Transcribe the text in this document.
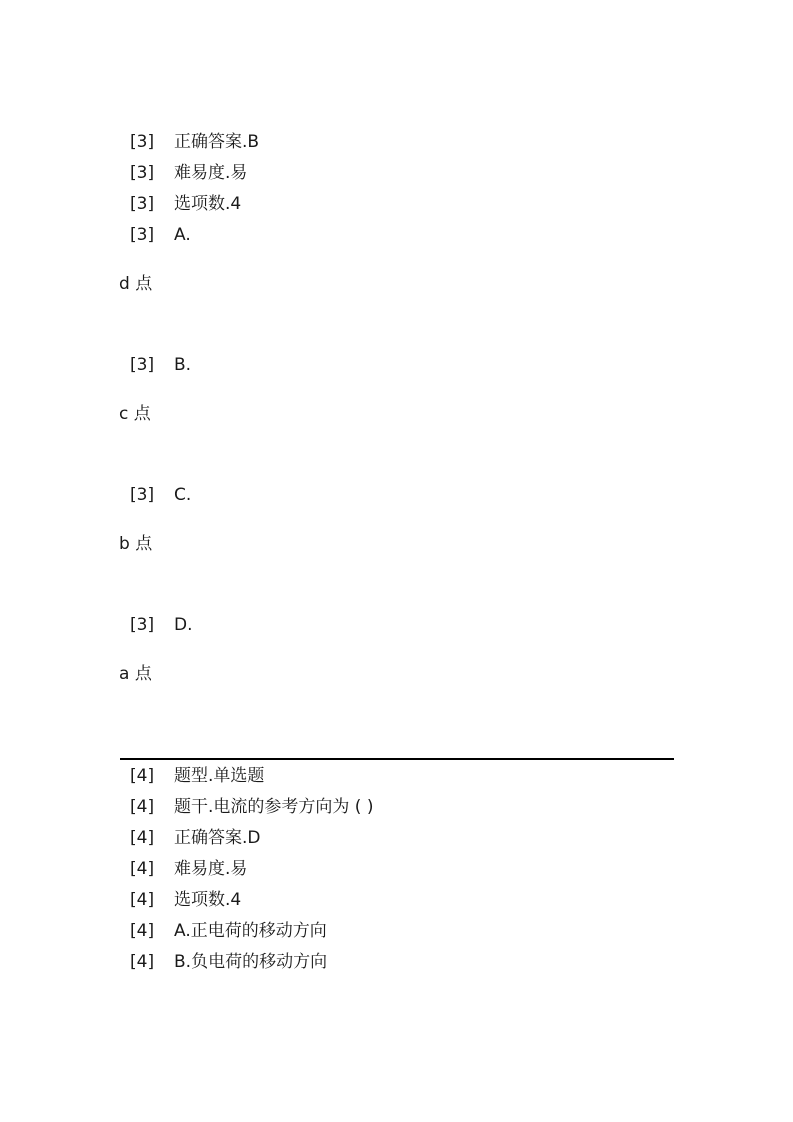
[3] 正确答案.B
[3] 难易度.易
[3] 选项数.4
[3] A.
d 点
[3] B.
c 点
[3] C.
b 点
[3] D.
a 点
[4] 题型.单选题
[4] 题干.电流的参考方向为 ( )
[4] 正确答案.D
[4] 难易度.易
[4] 选项数.4
[4] A.正电荷的移动方向
[4] B.负电荷的移动方向
